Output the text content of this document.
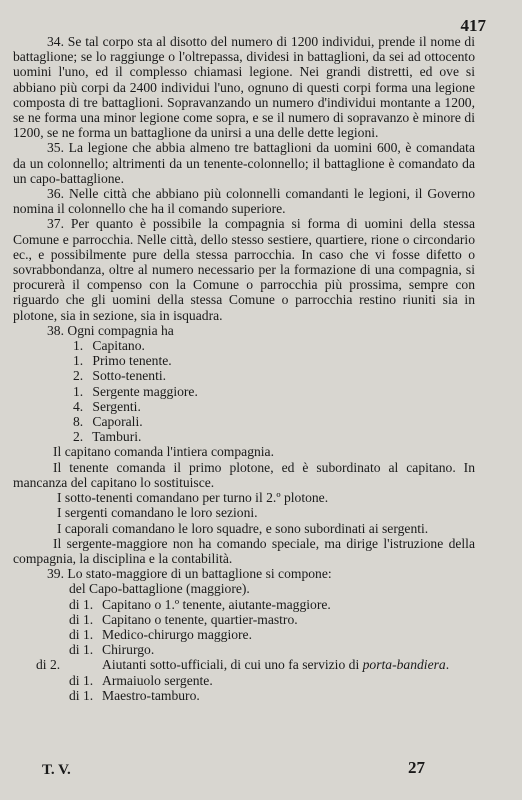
417

34. Se tal corpo sta al disotto del numero di 1200 individui, prende il nome di battaglione; se lo raggiunge o l'oltrepassa, dividesi in battaglioni, da sei ad ottocento uomini l'uno, ed il complesso chiamasi legione. Nei grandi distretti, ed ove si abbiano più corpi da 2400 individui l'uno, ognuno di questi corpi forma una legione composta di tre battaglioni. Sopravanzando un numero d'individui montante a 1200, se ne forma una minor legione come sopra, e se il numero di sopravanzo è minore di 1200, se ne forma un battaglione da unirsi a una delle dette legioni.

35. La legione che abbia almeno tre battaglioni da uomini 600, è comandata da un colonnello; altrimenti da un tenente-colonnello; il battaglione è comandato da un capo-battaglione.

36. Nelle città che abbiano più colonnelli comandanti le legioni, il Governo nomina il colonnello che ha il comando superiore.

37. Per quanto è possibile la compagnia si forma di uomini della stessa Comune e parrocchia. Nelle città, dello stesso sestiere, quartiere, rione o circondario ec., e possibilmente pure della stessa parrocchia. In caso che vi fosse difetto o sovrabbondanza, oltre al numero necessario per la formazione di una compagnia, si procurerà il compenso con la Comune o parrocchia più prossima, sempre con riguardo che gli uomini della stessa Comune o parrocchia restino riuniti sia in plotone, sia in sezione, sia in isquadra.

38. Ogni compagnia ha

1. Capitano.
1. Primo tenente.
2. Sotto-tenenti.
1. Sergente maggiore.
4. Sergenti.
8. Caporali.
2. Tamburi.

Il capitano comanda l'intiera compagnia.

Il tenente comanda il primo plotone, ed è subordinato al capitano. In mancanza del capitano lo sostituisce.

I sotto-tenenti comandano per turno il 2.º plotone.

I sergenti comandano le loro sezioni.

I caporali comandano le loro squadre, e sono subordinati ai sergenti.

Il sergente-maggiore non ha comando speciale, ma dirige l'istruzione della compagnia, la disciplina e la contabilità.

39. Lo stato-maggiore di un battaglione si compone:

del Capo-battaglione (maggiore).

di 1. Capitano o 1.º tenente, aiutante-maggiore.
di 1. Capitano o tenente, quartier-mastro.
di 1. Medico-chirurgo maggiore.
di 1. Chirurgo.
di 2.	Aiutanti sotto-ufficiali, di cui uno fa servizio di porta-bandiera.
di 1. Armaiuolo sergente.
di 1. Maestro-tamburo.
T. V.	27
